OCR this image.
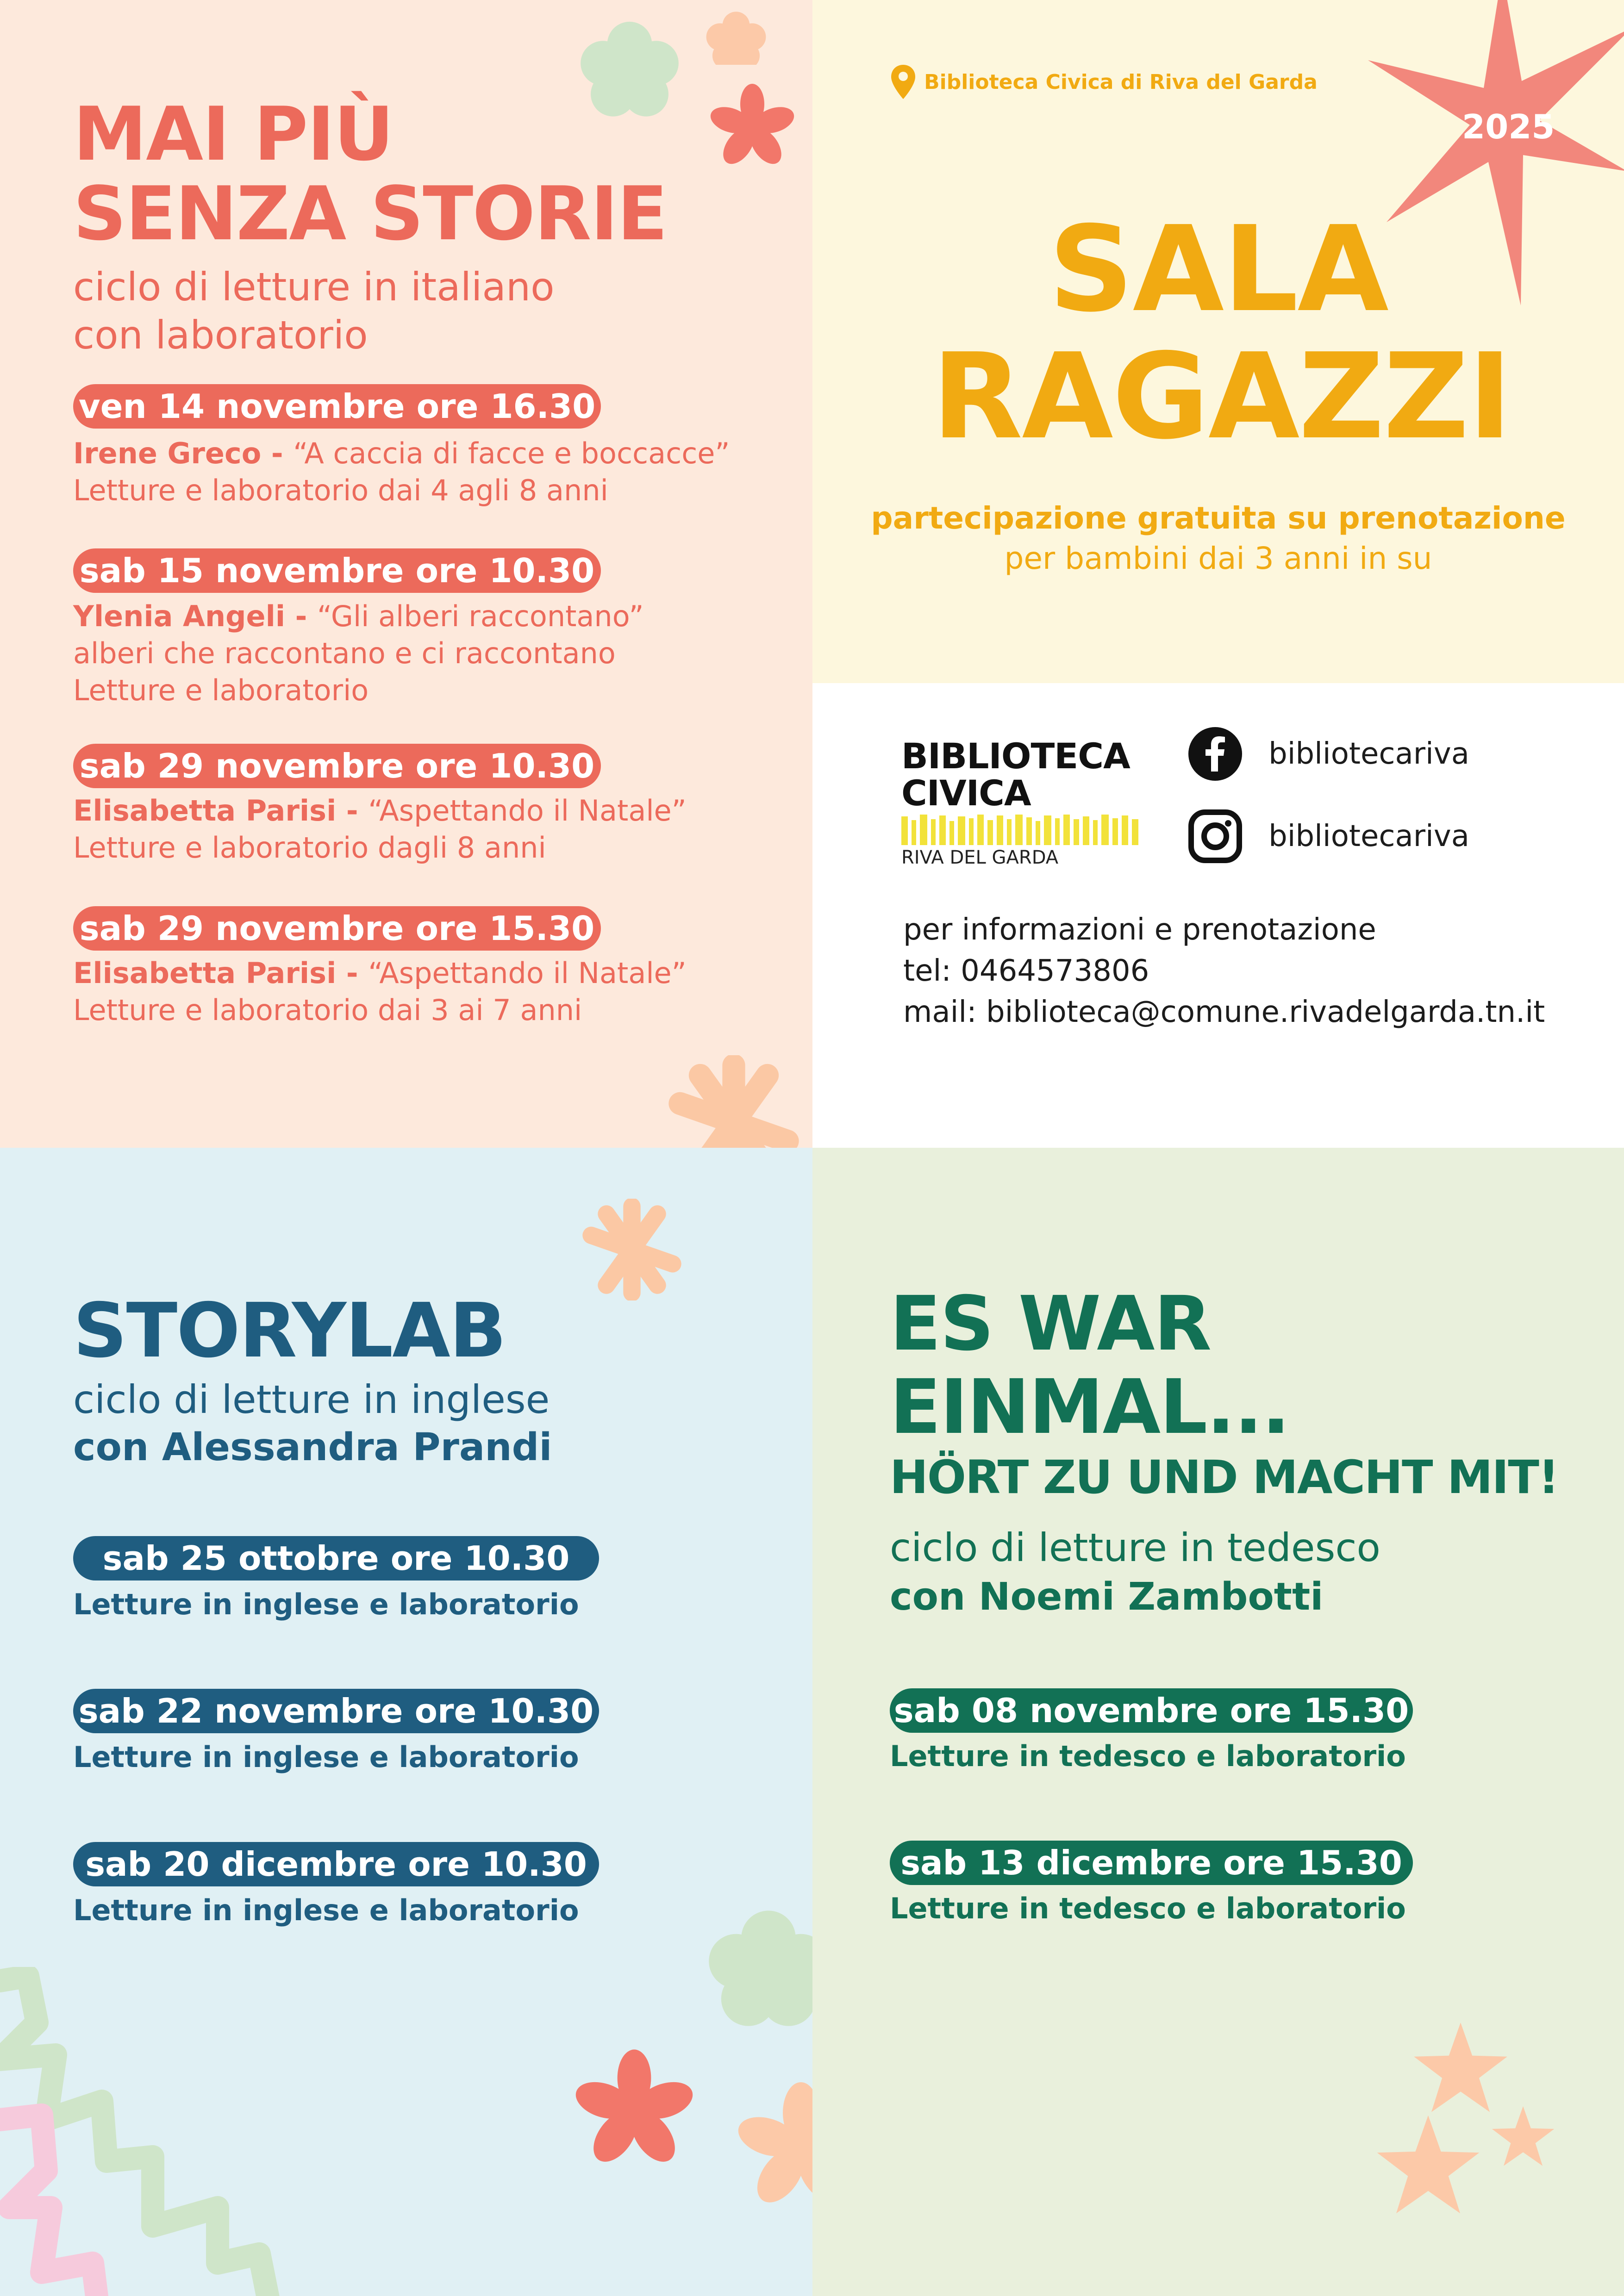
MAI PIÙ
SENZA STORIE
ciclo di letture in italiano
con laboratorio
ven 14 novembre ore 16.30
Irene Greco - “A caccia di facce e boccacce”
Letture e laboratorio dai 4 agli 8 anni
sab 15 novembre ore 10.30
Ylenia Angeli - “Gli alberi raccontano”
alberi che raccontano e ci raccontano
Letture e laboratorio
sab 29 novembre ore 10.30
Elisabetta Parisi - “Aspettando il Natale”
Letture e laboratorio dagli 8 anni
sab 29 novembre ore 15.30
Elisabetta Parisi - “Aspettando il Natale”
Letture e laboratorio dai 3 ai 7 anni
Biblioteca Civica di Riva del Garda
2025
SALA
RAGAZZI
partecipazione gratuita su prenotazione
per bambini dai 3 anni in su
BIBLIOTECA
CIVICA
RIVA DEL GARDA
bibliotecariva
bibliotecariva
per informazioni e prenotazione
tel: 0464573806
mail: biblioteca@comune.rivadelgarda.tn.it
STORYLAB
ciclo di letture in inglese
con Alessandra Prandi
sab 25 ottobre ore 10.30
Letture in inglese e laboratorio
sab 22 novembre ore 10.30
Letture in inglese e laboratorio
sab 20 dicembre ore 10.30
Letture in inglese e laboratorio
ES WAR
EINMAL...
HÖRT ZU UND MACHT MIT!
ciclo di letture in tedesco
con Noemi Zambotti
sab 08 novembre ore 15.30
Letture in tedesco e laboratorio
sab 13 dicembre ore 15.30
Letture in tedesco e laboratorio
